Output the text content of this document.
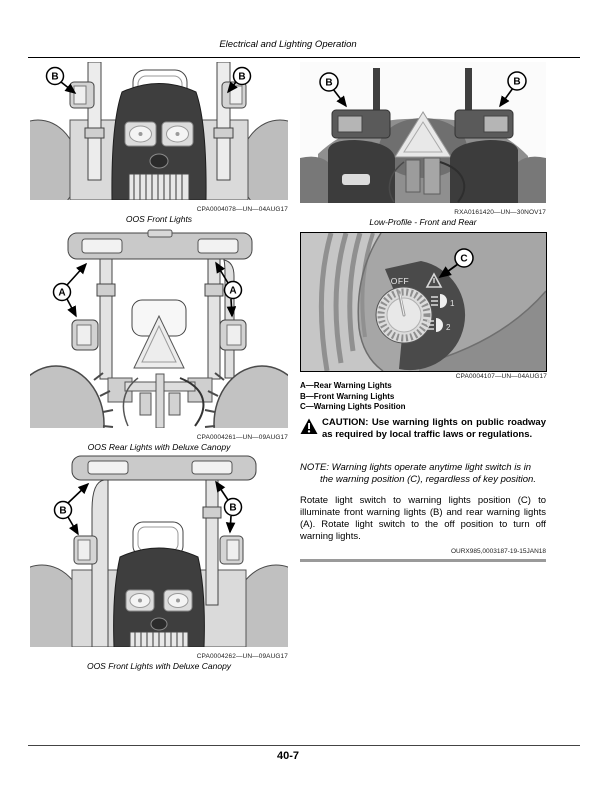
Electrical and Lighting Operation
B	B
CPA0004078—UN—04AUG17
OOS Front Lights
A	A
CPA0004261—UN—09AUG17
OOS Rear Lights with Deluxe Canopy
B	B
CPA0004262—UN—09AUG17
OOS Front Lights with Deluxe Canopy
B	B
RXA0161420—UN—30NOV17
Low-Profile - Front and Rear
OFF
1
2
C
CPA0004107—UN—04AUG17
A—Rear Warning Lights
B—Front Warning Lights
C—Warning Lights Position
CAUTION: Use warning lights on public roadway as required by local traffic laws or regulations.
NOTE: Warning lights operate anytime light switch is in the warning position (C), regardless of key position.
Rotate light switch to warning lights position (C) to illuminate front warning lights (B) and rear warning lights (A). Rotate light switch to the off position to turn off warning lights.
OURX985,0003187-19-15JAN18
40-7
